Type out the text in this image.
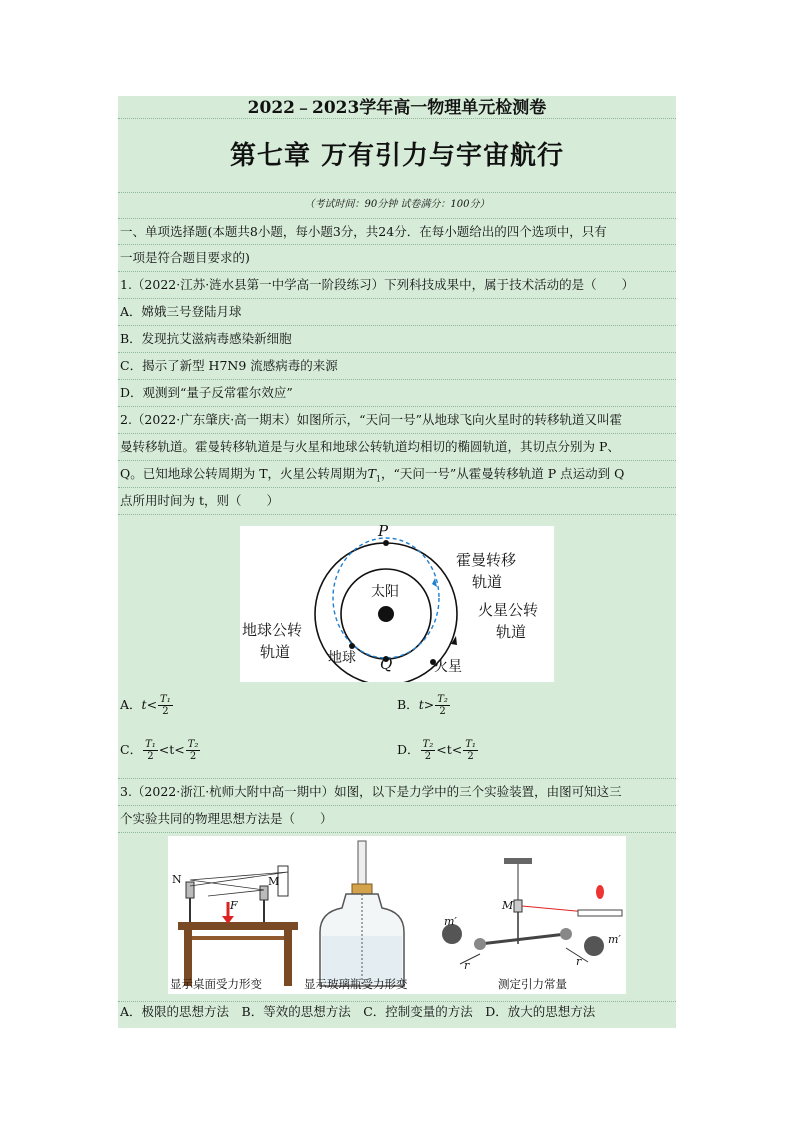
2022﹣2023学年高一物理单元检测卷
第七章 万有引力与宇宙航行
（考试时间：90分钟 试卷满分：100分）
一、单项选择题(本题共8小题，每小题3分，共24分．在每小题给出的四个选项中，只有
一项是符合题目要求的)
1.（2022·江苏·涟水县第一中学高一阶段练习）下列科技成果中，属于技术活动的是（　　）
A．嫦娥三号登陆月球
B．发现抗艾滋病毒感染新细胞
C．揭示了新型 H7N9 流感病毒的来源
D．观测到“量子反常霍尔效应”
2.（2022·广东肇庆·高一期末）如图所示，“天问一号”从地球飞向火星时的转移轨道又叫霍
曼转移轨道。霍曼转移轨道是与火星和地球公转轨道均相切的椭圆轨道，其切点分别为 P、
Q。已知地球公转周期为 T，火星公转周期为$T_1$，“天问一号”从霍曼转移轨道 P 点运动到 Q
点所用时间为 t，则（　　）
P
Q
太阳
地球
火星
霍曼转移
轨道
火星公转
轨道
地球公转
轨道
A．$t< \frac{\text{T₁}}{2}$	B．$t> \frac{\text{T₂}}{2}$
C． $\frac{\text{T₁}}{2} <t< \frac{\text{T₂}}{2}$	D． $\frac{\text{T₂}}{2} <t< \frac{\text{T₁}}{2}$
3.（2022·浙江·杭师大附中高一期中）如图，以下是力学中的三个实验装置，由图可知这三
个实验共同的物理思想方法是（　　）
N	M
F	M
m′
m′
r	r
显示桌面受力形变	显示玻璃瓶受力形变	测定引力常量
A．极限的思想方法　B．等效的思想方法　C．控制变量的方法　D．放大的思想方法
